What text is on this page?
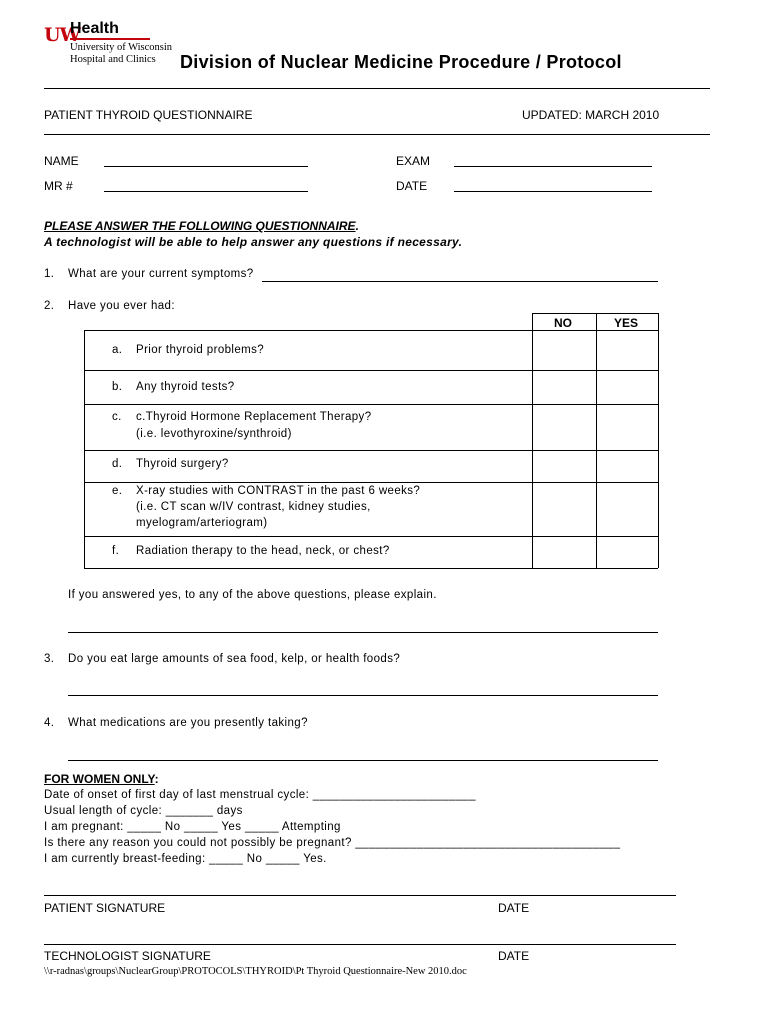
UW
Health
University of Wisconsin
Hospital and Clinics Division of Nuclear Medicine Procedure / Protocol
PATIENT THYROID QUESTIONNAIRE	UPDATED: MARCH 2010
NAME	EXAM
MR #	DATE
PLEASE ANSWER THE FOLLOWING QUESTIONNAIRE.
A technologist will be able to help answer any questions if necessary.
1. What are your current symptoms?
2. Have you ever had:
NO	YES
a. Prior thyroid problems?
b. Any thyroid tests?
c. c.Thyroid Hormone Replacement Therapy?
(i.e. levothyroxine/synthroid)
d. Thyroid surgery?
e. X-ray studies with CONTRAST in the past 6 weeks?
(i.e. CT scan w/IV contrast, kidney studies,
myelogram/arteriogram)
f. Radiation therapy to the head, neck, or chest?
If you answered yes, to any of the above questions, please explain.
3. Do you eat large amounts of sea food, kelp, or health foods?
4. What medications are you presently taking?
FOR WOMEN ONLY:
Date of onset of first day of last menstrual cycle: ________________________
Usual length of cycle: _______ days
I am pregnant: _____ No _____ Yes _____ Attempting
Is there any reason you could not possibly be pregnant? _______________________________________
I am currently breast-feeding: _____ No _____ Yes.
PATIENT SIGNATURE	DATE
TECHNOLOGIST SIGNATURE	DATE
\\r-radnas\groups\NuclearGroup\PROTOCOLS\THYROID\Pt Thyroid Questionnaire-New 2010.doc
